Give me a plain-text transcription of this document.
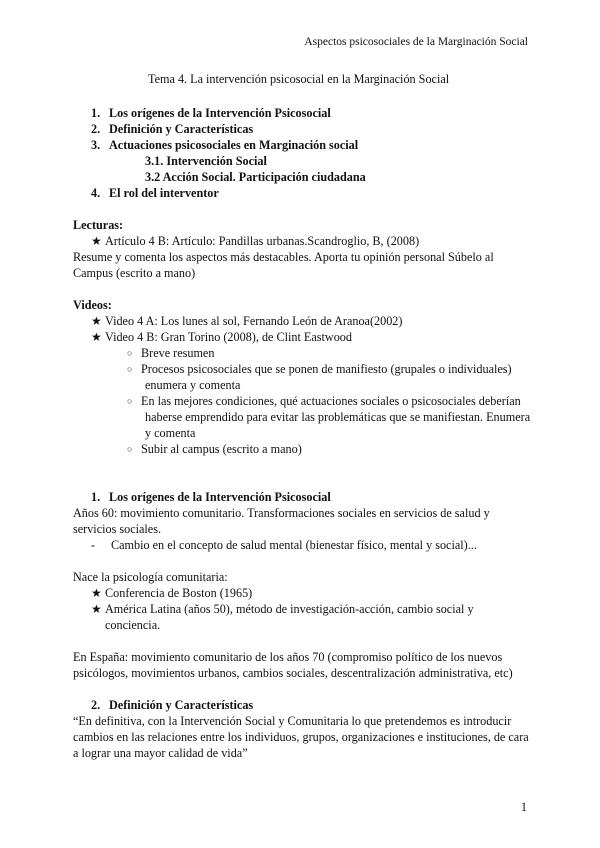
Aspectos psicosociales de la Marginación Social
Tema 4. La intervención psicosocial en la Marginación Social
1. Los orígenes de la Intervención Psicosocial
2. Definición y Características
3. Actuaciones psicosociales en Marginación social
3.1. Intervención Social
3.2 Acción Social. Participación ciudadana
4. El rol del interventor
Lecturas:
★ Artículo 4 B: Artículo: Pandillas urbanas.Scandroglio, B, (2008)
Resume y comenta los aspectos más destacables. Aporta tu opinión personal Súbelo al
Campus (escrito a mano)
Videos:
★ Video 4 A: Los lunes al sol, Fernando León de Aranoa(2002)
★ Video 4 B: Gran Torino (2008), de Clint Eastwood
○ Breve resumen
○ Procesos psicosociales que se ponen de manifiesto (grupales o individuales)
enumera y comenta
○ En las mejores condiciones, qué actuaciones sociales o psicosociales deberían
haberse emprendido para evitar las problemáticas que se manifiestan. Enumera
y comenta
○ Subir al campus (escrito a mano)
1. Los orígenes de la Intervención Psicosocial
Años 60: movimiento comunitario. Transformaciones sociales en servicios de salud y
servicios sociales.
- Cambio en el concepto de salud mental (bienestar físico, mental y social)...
Nace la psicología comunitaria:
★ Conferencia de Boston (1965)
★ América Latina (años 50), método de investigación-acción, cambio social y
conciencia.
En España: movimiento comunitario de los años 70 (compromiso político de los nuevos
psicólogos, movimientos urbanos, cambios sociales, descentralización administrativa, etc)
2. Definición y Características
“En definitiva, con la Intervención Social y Comunitaria lo que pretendemos es introducir
cambios en las relaciones entre los individuos, grupos, organizaciones e instituciones, de cara
a lograr una mayor calidad de vida”
1
